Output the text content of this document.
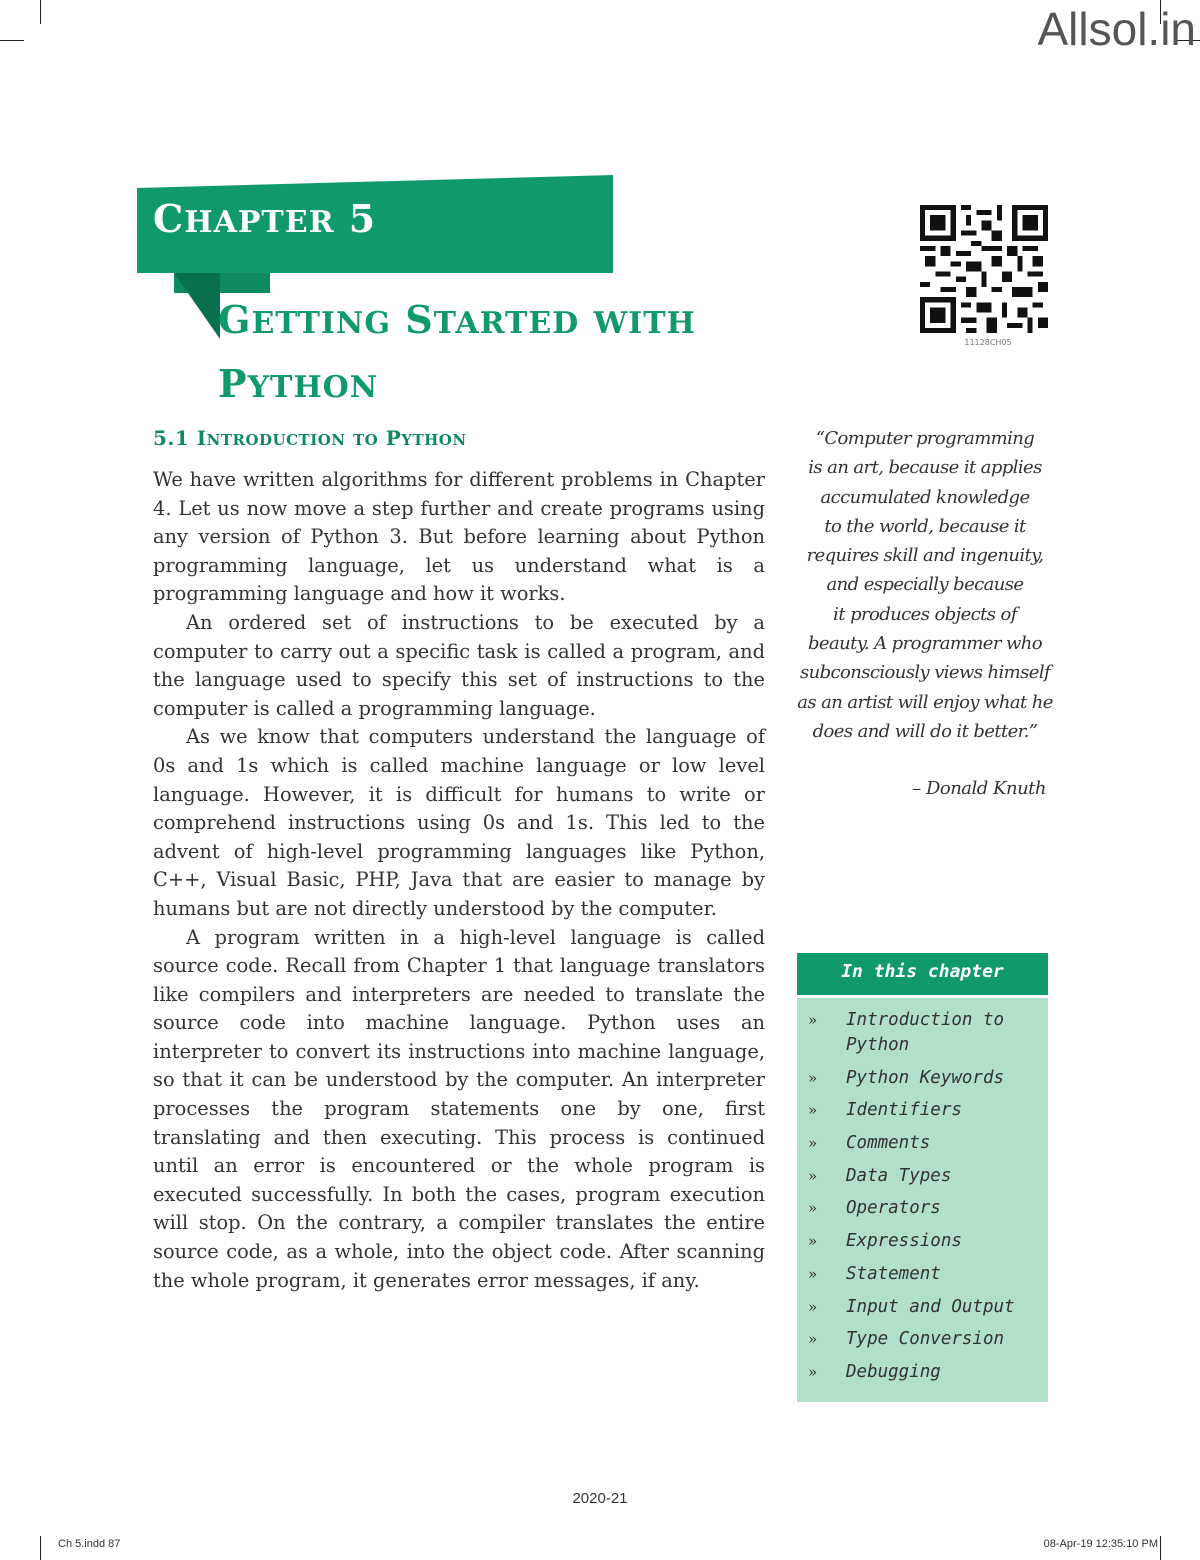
Allsol.in
CHAPTER 5
GETTING STARTED WITH
PYTHON
11128CH05
5.1 INTRODUCTION TO PYTHON

We have written algorithms for different problems in Chapter 4. Let us now move a step further and create programs using any version of Python 3. But before learning about Python programming language, let us understand what is a programming language and how it works.

An ordered set of instructions to be executed by a computer to carry out a specific task is called a program, and the language used to specify this set of instructions to the computer is called a programming language.

As we know that computers understand the language of 0s and 1s which is called machine language or low level language. However, it is difficult for humans to write or comprehend instructions using 0s and 1s. This led to the advent of high-level programming languages like Python, C++, Visual Basic, PHP, Java that are easier to manage by humans but are not directly understood by the computer.

A program written in a high-level language is called source code. Recall from Chapter 1 that language translators like compilers and interpreters are needed to translate the source code into machine language. Python uses an interpreter to convert its instructions into machine language, so that it can be understood by the computer. An interpreter processes the program statements one by one, first translating and then executing. This process is continued until an error is encountered or the whole program is executed successfully. In both the cases, program execution will stop. On the contrary, a compiler translates the entire source code, as a whole, into the object code. After scanning the whole program, it generates error messages, if any.

“Computer programming

is an art, because it applies

accumulated knowledge

to the world, because it

requires skill and ingenuity,

and especially because

it produces objects of

beauty. A programmer who

subconsciously views himself

as an artist will enjoy what he

does and will do it better.”

– Donald Knuth
In this chapter
»	Introduction to Python
»	Python Keywords
»	Identifiers
»	Comments
»	Data Types
»	Operators
»	Expressions
»	Statement
»	Input and Output
»	Type Conversion
»	Debugging
2020-21
Ch 5.indd 87	08-Apr-19 12:35:10 PM
